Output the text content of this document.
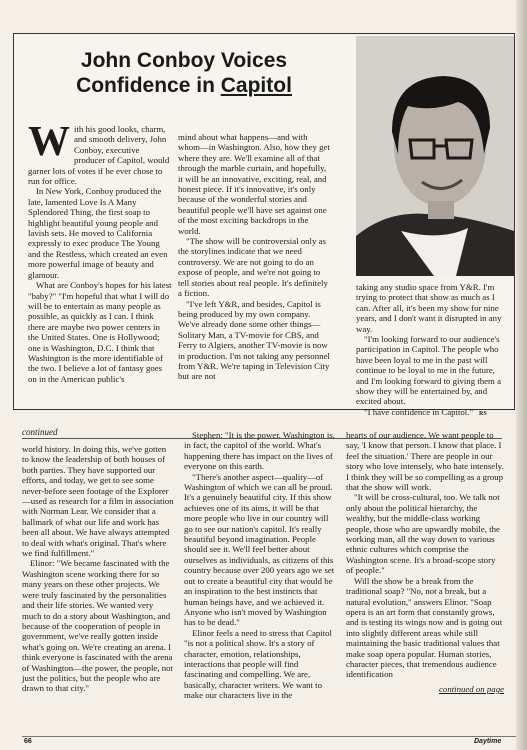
John Conboy Voices
Confidence in Capitol
W ith his good looks, charm, and smooth delivery, John Conboy, executive producer of Capitol, would garner lots of votes if he ever chose to run for office.

In New York, Conboy produced the late, lamented Love Is A Many Splendored Thing, the first soap to highlight beautiful young people and lavish sets. He moved to California expressly to exec produce The Young and the Restless, which created an even more powerful image of beauty and glamour.

What are Conboy's hopes for his latest "baby?" "I'm hopeful that what I will do will be to entertain as many people as possible, as quickly as I can. I think there are maybe two power centers in the United States. One is Hollywood; one is Washington, D.C. I think that Washington is the more identifiable of the two. I believe a lot of fantasy goes on in the American public's

mind about what happens—and with whom—in Washington. Also, how they get where they are. We'll examine all of that through the marble curtain, and hopefully, it will be an innovative, exciting, real, and honest piece. If it's innovative, it's only because of the wonderful stories and beautiful people we'll have set against one of the most exciting backdrops in the world.

"The show will be controversial only as the storylines indicate that we need controversy. We are not going to do an expose of people, and we're not going to tell stories about real people. It's definitely a fiction.

"I've left Y&R, and besides, Capitol is being produced by my own company. We've already done some other things—Solitary Man, a TV-movie for CBS, and Ferry to Algiers, another TV-movie is now in production. I'm not taking any personnel from Y&R. We're taping in Television City but are not

taking any studio space from Y&R. I'm trying to protect that show as much as I can. After all, it's been my show for nine years, and I don't want it disrupted in any way.

"I'm looking forward to our audience's participation in Capitol. The people who have been loyal to me in the past will continue to be loyal to me in the future, and I'm looking forward to giving them a show they will be entertained by, and excited about.

"I have confidence in Capitol." RS

continued

world history. In doing this, we've gotten to know the leadership of both houses of both parties. They have supported our efforts, and today, we get to see some never-before seen footage of the Explorer—used as research for a film in association with Norman Lear. We consider that a hallmark of what our life and work has been all about. We have always attempted to deal with what's original. That's where we find fulfillment."

Elinor: "We became fascinated with the Washington scene working there for so many years on these other projects. We were truly fascinated by the personalities and their life stories. We wanted very much to do a story about Washington, and because of the cooperation of people in government, we've really gotten inside what's going on. We're creating an arena. I think everyone is fascinated with the arena of Washington—the power, the people, not just the politics, but the people who are drawn to that city."

Stephen: "It is the power. Washington is, in fact, the capitol of the world. What's happening there has impact on the lives of everyone on this earth.

"There's another aspect—quality—of Washington of which we can all be proud. It's a genuinely beautiful city. If this show achieves one of its aims, it will be that more people who live in our country will go to see our nation's capitol. It's really beautiful beyond imagination. People should see it. We'll feel better about ourselves as individuals, as citizens of this country because over 200 years ago we set out to create a beautiful city that would be an inspiration to the best instincts that human beings have, and we achieved it. Anyone who isn't moved by Washington has to be dead."

Elinor feels a need to stress that Capitol "is not a political show. It's a story of character, emotion, relationships, interactions that people will find fascinating and compelling. We are, basically, character writers. We want to make our characters live in the

hearts of our audience. We want people to say, 'I know that person. I know that place. I feel the situation.' There are people in our story who love intensely, who hate intensely. I think they will be so compelling as a group that the show will work.

"It will be cross-cultural, too. We talk not only about the political hierarchy, the wealthy, but the middle-class working people, those who are upwardly mobile, the working man, all the way down to various ethnic cultures which comprise the Washington scene. It's a broad-scope story of people."

Will the show be a break from the traditional soap? "No, not a break, but a natural evolution," answers Elinor. "Soap opera is an art form that constantly grows, and is testing its wings now and is going out into slightly different areas while still maintaining the basic traditional values that make soap opera popular. Human stories, character pieces, that tremendous audience identification

continued on page
66	Daytime
